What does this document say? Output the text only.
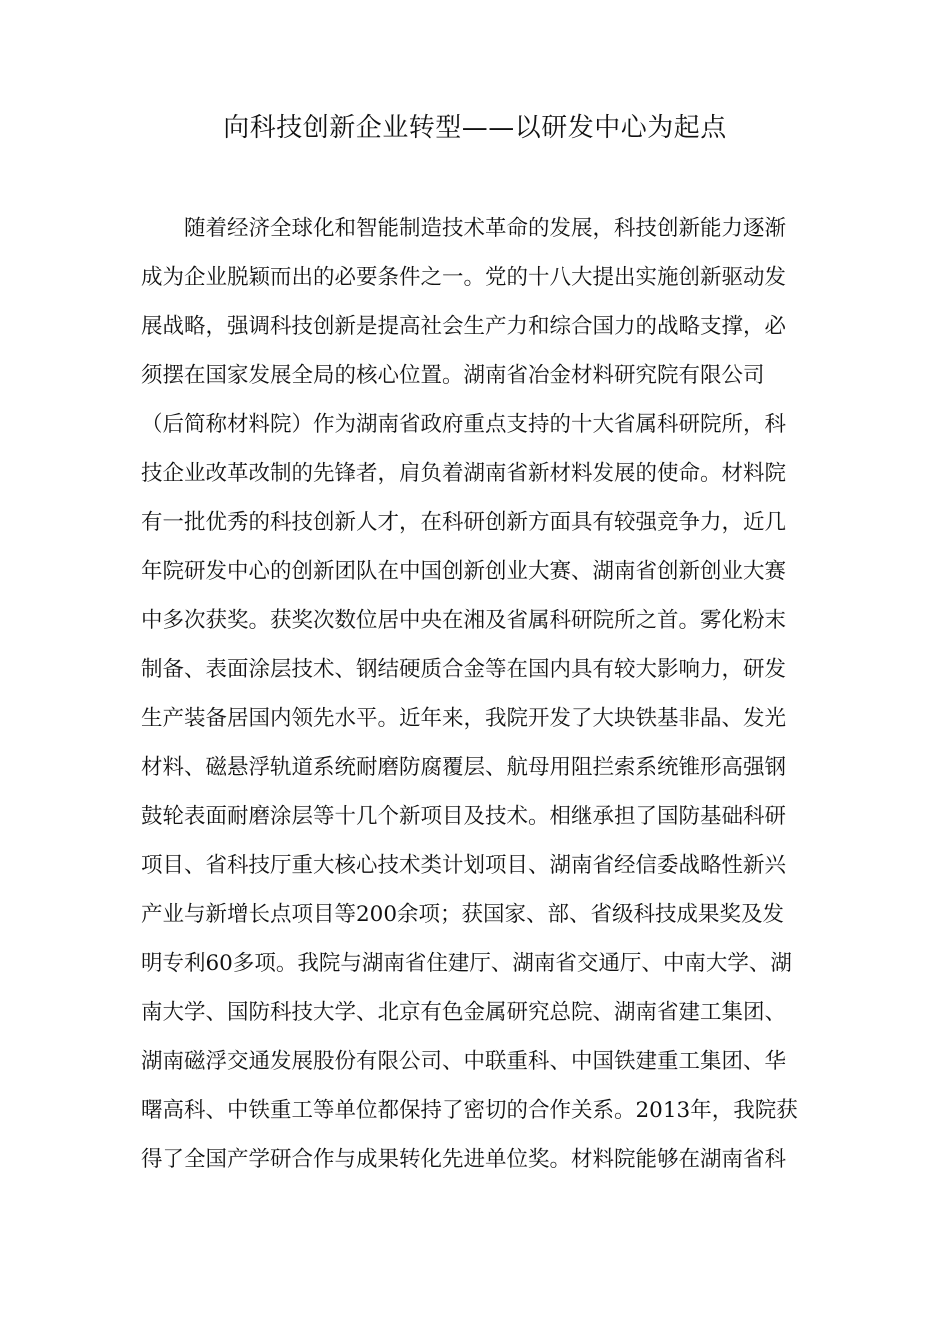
向科技创新企业转型——以研发中心为起点
随着经济全球化和智能制造技术革命的发展，科技创新能力逐渐
成为企业脱颖而出的必要条件之一。党的十八大提出实施创新驱动发
展战略，强调科技创新是提高社会生产力和综合国力的战略支撑，必
须摆在国家发展全局的核心位置。湖南省冶金材料研究院有限公司
（后简称材料院）作为湖南省政府重点支持的十大省属科研院所，科
技企业改革改制的先锋者，肩负着湖南省新材料发展的使命。材料院
有一批优秀的科技创新人才，在科研创新方面具有较强竞争力，近几
年院研发中心的创新团队在中国创新创业大赛、湖南省创新创业大赛
中多次获奖。获奖次数位居中央在湘及省属科研院所之首。雾化粉末
制备、表面涂层技术、钢结硬质合金等在国内具有较大影响力，研发
生产装备居国内领先水平。近年来，我院开发了大块铁基非晶、发光
材料、磁悬浮轨道系统耐磨防腐覆层、航母用阻拦索系统锥形高强钢
鼓轮表面耐磨涂层等十几个新项目及技术。相继承担了国防基础科研
项目、省科技厅重大核心技术类计划项目、湖南省经信委战略性新兴
产业与新增长点项目等200余项；获国家、部、省级科技成果奖及发
明专利60多项。我院与湖南省住建厅、湖南省交通厅、中南大学、湖
南大学、国防科技大学、北京有色金属研究总院、湖南省建工集团、
湖南磁浮交通发展股份有限公司、中联重科、中国铁建重工集团、华
曙高科、中铁重工等单位都保持了密切的合作关系。2013年，我院获
得了全国产学研合作与成果转化先进单位奖。材料院能够在湖南省科
